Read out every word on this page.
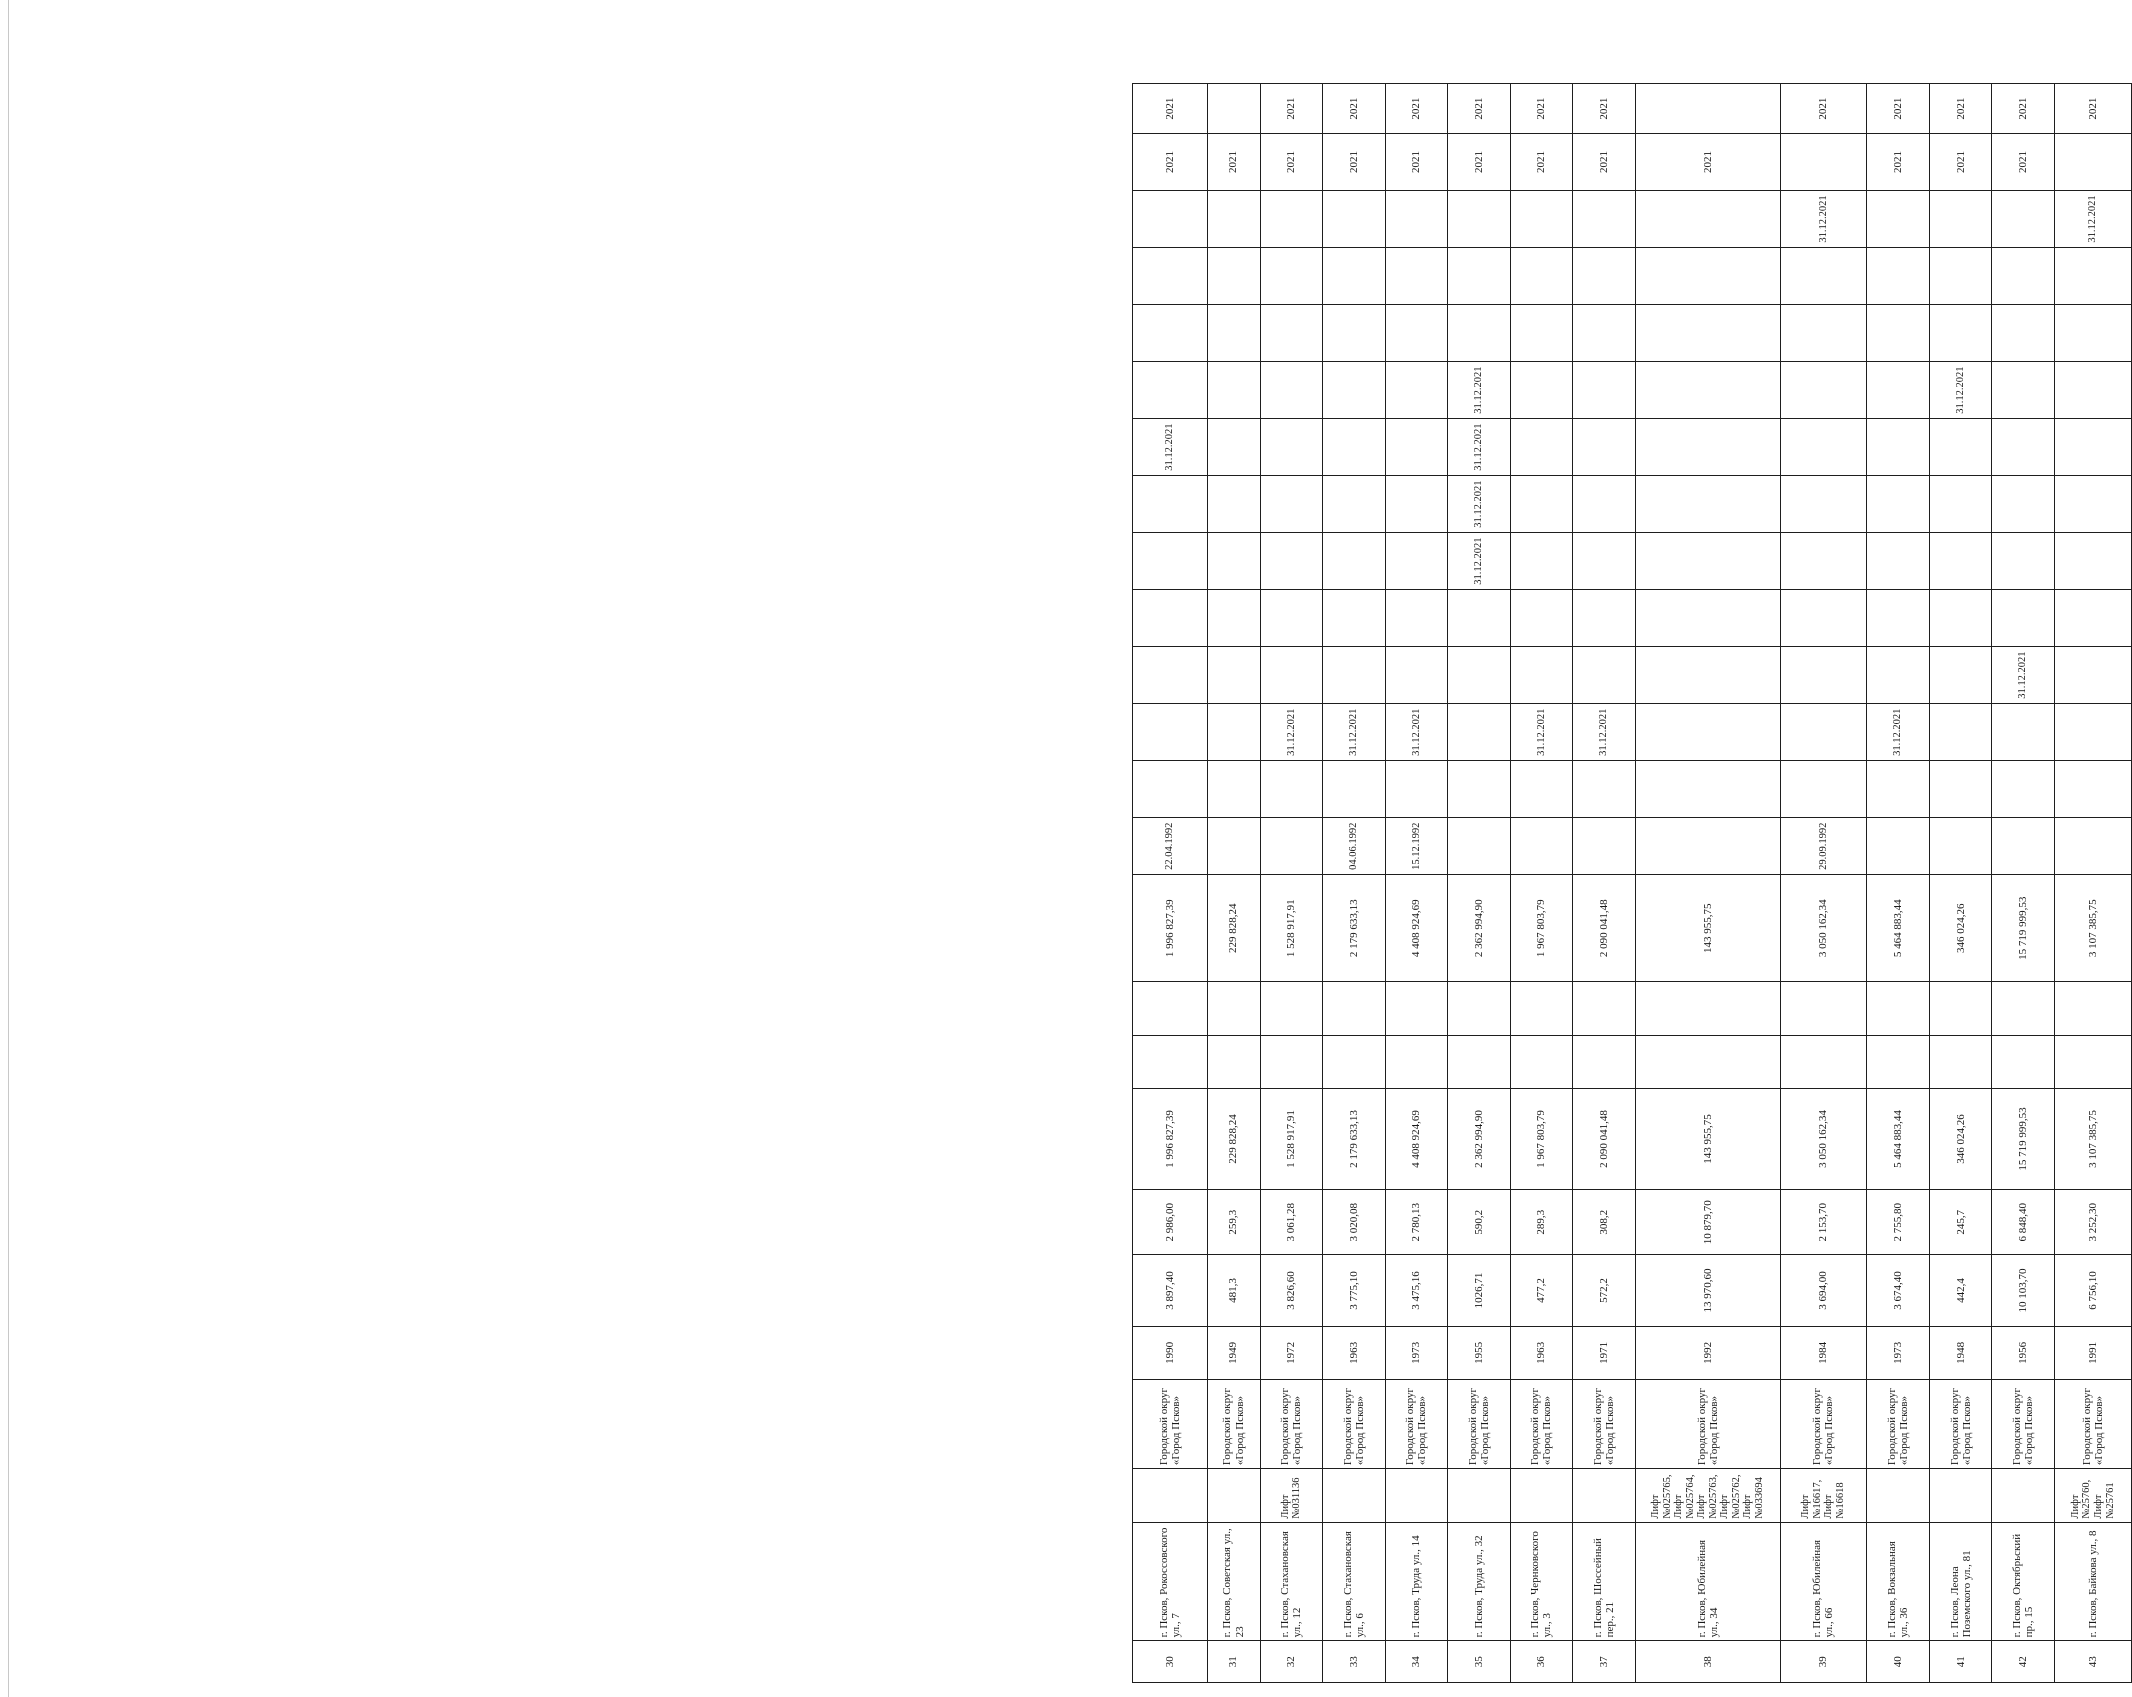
30	г. Псков, Рокоссовского ул., 7		Городской округ «Город Псков»	1990	3 897,40	2 986,00	1 996 827,39			1 996 827,39	22.04.1992							31.12.2021					2021	2021
31	г. Псков, Советская ул., 23		Городской округ «Город Псков»	1949	481,3	259,3	229 828,24			229 828,24													2021	
32	г. Псков, Стахановская ул., 12	Лифт №031136	Городской округ «Город Псков»	1972	3 826,60	3 061,28	1 528 917,91			1 528 917,91			31.12.2021										2021	2021
33	г. Псков, Стахановская ул., 6		Городской округ «Город Псков»	1963	3 775,10	3 020,08	2 179 633,13			2 179 633,13	04.06.1992		31.12.2021										2021	2021
34	г. Псков, Труда ул., 14		Городской округ «Город Псков»	1973	3 475,16	2 780,13	4 408 924,69			4 408 924,69	15.12.1992		31.12.2021										2021	2021
35	г. Псков, Труда ул., 32		Городской округ «Город Псков»	1955	1026,71	590,2	2 362 994,90			2 362 994,90						31.12.2021	31.12.2021	31.12.2021	31.12.2021				2021	2021
36	г. Псков, Чернковского ул., 3		Городской округ «Город Псков»	1963	477,2	289,3	1 967 803,79			1 967 803,79			31.12.2021										2021	2021
37	г. Псков, Шоссейный пер., 21		Городской округ «Город Псков»	1971	572,2	308,2	2 090 041,48			2 090 041,48			31.12.2021										2021	2021
38	г. Псков, Юбилейная ул., 34	Лифт №025765, Лифт №025764, Лифт №025763, Лифт №025762, Лифт №033694	Городской округ «Город Псков»	1992	13 970,60	10 879,70	143 955,75			143 955,75													2021	
39	г. Псков, Юбилейная ул., 66	Лифт №16617, Лифт №16618	Городской округ «Город Псков»	1984	3 694,00	2 153,70	3 050 162,34			3 050 162,34	29.09.1992											31.12.2021		2021
40	г. Псков, Вокзальная ул., 36		Городской округ «Город Псков»	1973	3 674,40	2 755,80	5 464 883,44			5 464 883,44			31.12.2021										2021	2021
41	г. Псков, Леона Поземского ул., 81		Городской округ «Город Псков»	1948	442,4	245,7	346 024,26			346 024,26									31.12.2021				2021	2021
42	г. Псков, Октябрьский пр., 15		Городской округ «Город Псков»	1956	10 103,70	6 848,40	15 719 999,53			15 719 999,53				31.12.2021									2021	2021
43	г. Псков, Байкова ул., 8	Лифт №25760, Лифт №25761	Городской округ «Город Псков»	1991	6 756,10	3 252,30	3 107 385,75			3 107 385,75												31.12.2021		2021
